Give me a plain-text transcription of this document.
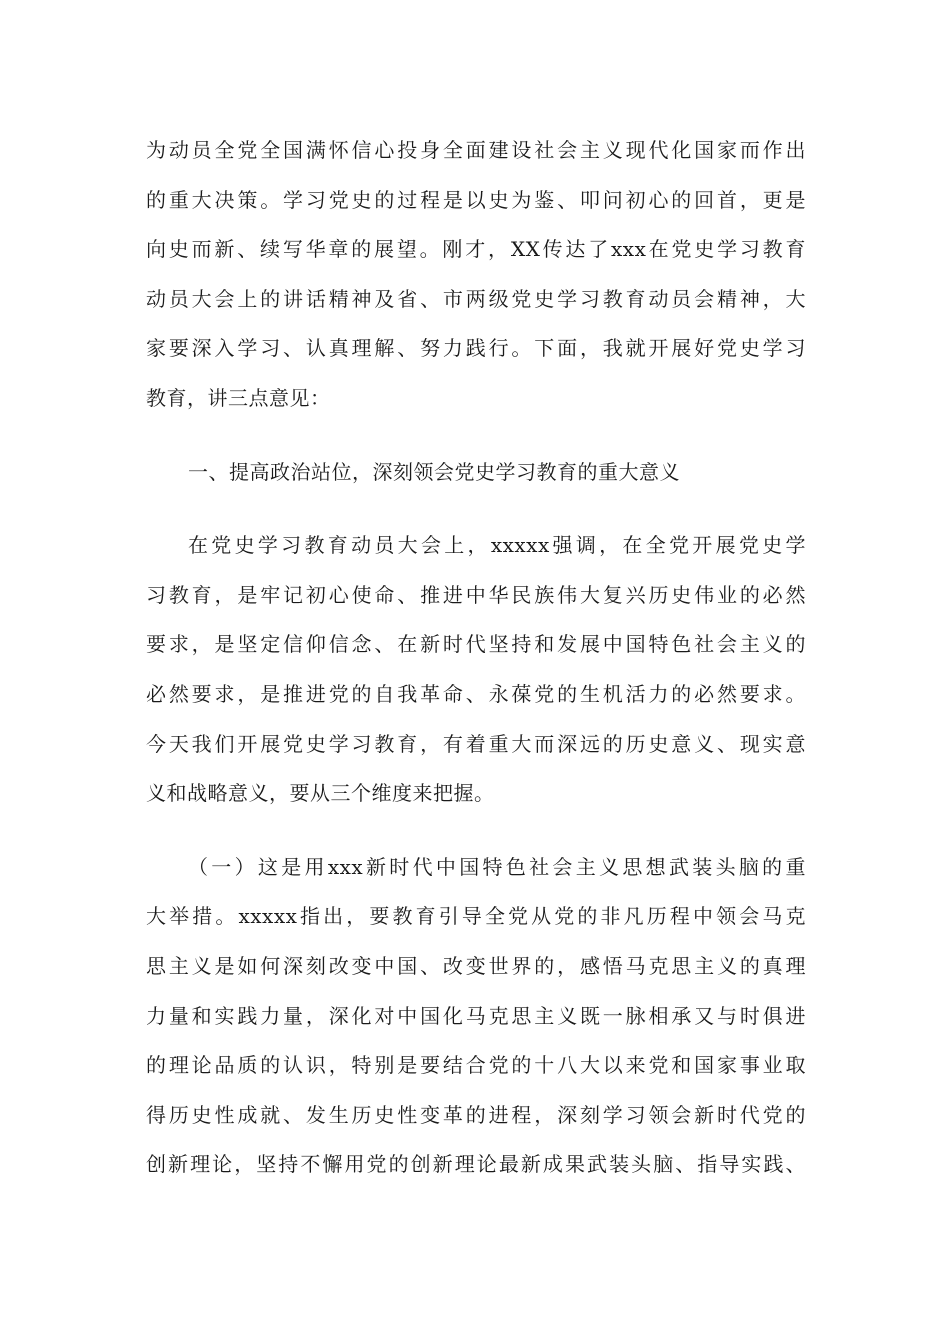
为动员全党全国满怀信心投身全面建设社会主义现代化国家而作出
的重大决策。学习党史的过程是以史为鉴、叩问初心的回首，更是
向史而新、续写华章的展望。刚才，XX传达了xxx在党史学习教育
动员大会上的讲话精神及省、市两级党史学习教育动员会精神，大
家要深入学习、认真理解、努力践行。下面，我就开展好党史学习
教育，讲三点意见：
一、提高政治站位，深刻领会党史学习教育的重大意义
在党史学习教育动员大会上，xxxxx强调，在全党开展党史学
习教育，是牢记初心使命、推进中华民族伟大复兴历史伟业的必然
要求，是坚定信仰信念、在新时代坚持和发展中国特色社会主义的
必然要求，是推进党的自我革命、永葆党的生机活力的必然要求。
今天我们开展党史学习教育，有着重大而深远的历史意义、现实意
义和战略意义，要从三个维度来把握。
（一）这是用xxx新时代中国特色社会主义思想武装头脑的重
大举措。xxxxx指出，要教育引导全党从党的非凡历程中领会马克
思主义是如何深刻改变中国、改变世界的，感悟马克思主义的真理
力量和实践力量，深化对中国化马克思主义既一脉相承又与时俱进
的理论品质的认识，特别是要结合党的十八大以来党和国家事业取
得历史性成就、发生历史性变革的进程，深刻学习领会新时代党的
创新理论，坚持不懈用党的创新理论最新成果武装头脑、指导实践、
